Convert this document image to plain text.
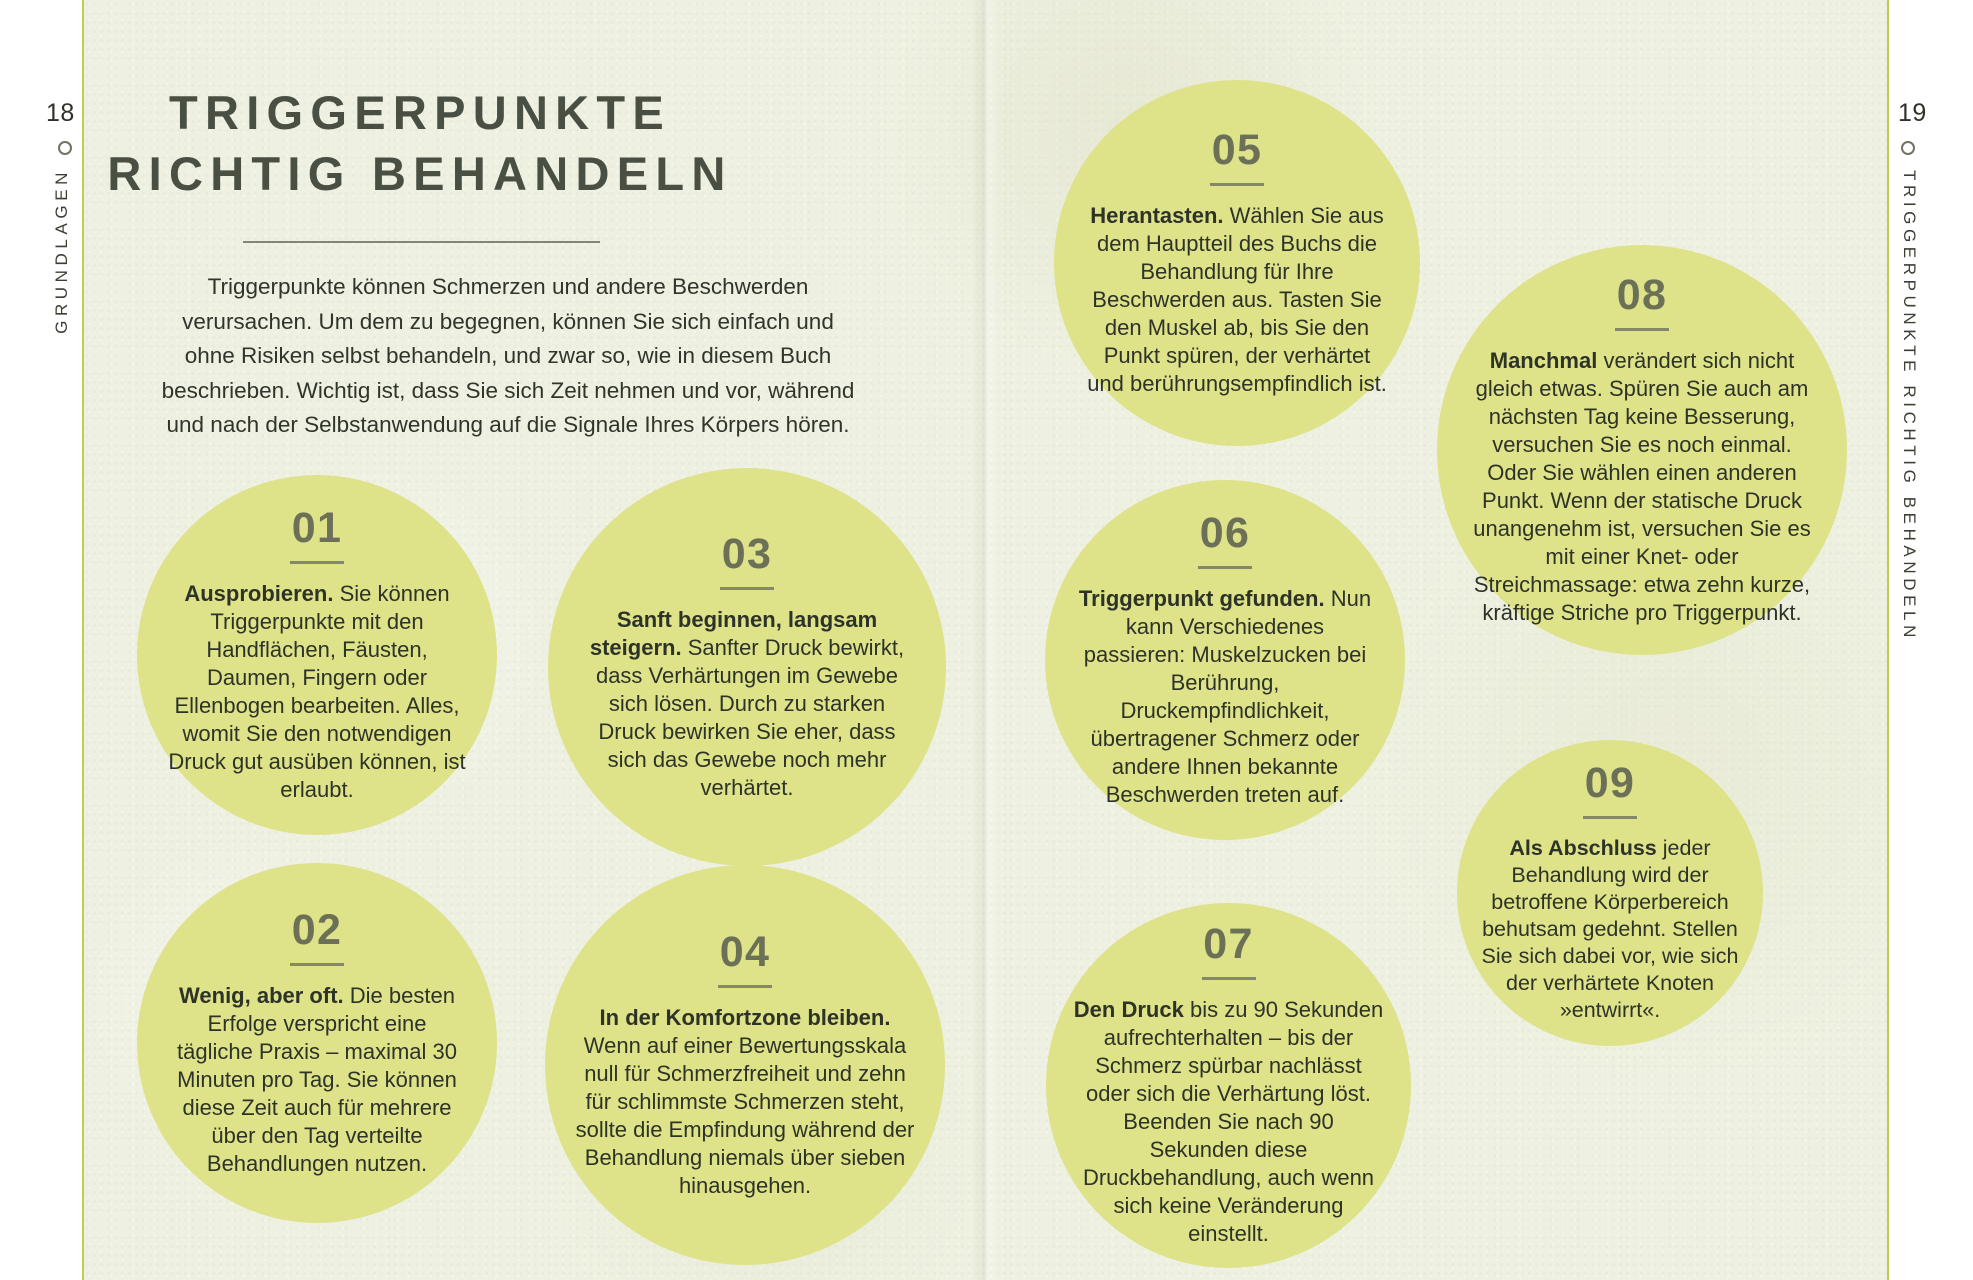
18
GRUNDLAGEN
19
TRIGGERPUNKTE RICHTIG BEHANDELN
TRIGGERPUNKTE
RICHTIG BEHANDELN

Triggerpunkte können Schmerzen und andere Beschwerden verursachen. Um dem zu begegnen, können Sie sich einfach und ohne Risiken selbst behandeln, und zwar so, wie in diesem Buch beschrieben. Wichtig ist, dass Sie sich Zeit nehmen und vor, während und nach der Selbstanwendung auf die Signale Ihres Körpers hören.

01

Ausprobieren. Sie können Triggerpunkte mit den Handflächen, Fäusten, Daumen, Fingern oder Ellenbogen bearbeiten. Alles, womit Sie den notwendigen Druck gut ausüben können, ist erlaubt.

02

Wenig, aber oft. Die besten Erfolge verspricht eine tägliche Praxis – maximal 30 Minuten pro Tag. Sie können diese Zeit auch für mehrere über den Tag verteilte Behandlungen nutzen.

03

Sanft beginnen, langsam steigern. Sanfter Druck bewirkt, dass Verhärtungen im Gewebe sich lösen. Durch zu starken Druck bewirken Sie eher, dass sich das Gewebe noch mehr verhärtet.

04

In der Komfortzone bleiben. Wenn auf einer Bewertungsskala null für Schmerzfreiheit und zehn für schlimmste Schmerzen steht, sollte die Empfindung während der Behandlung niemals über sieben hinausgehen.

05

Herantasten. Wählen Sie aus dem Hauptteil des Buchs die Behandlung für Ihre Beschwerden aus. Tasten Sie den Muskel ab, bis Sie den Punkt spüren, der verhärtet und berührungsempfindlich ist.

06

Triggerpunkt gefunden. Nun kann Verschiedenes passieren: Muskelzucken bei Berührung, Druckempfindlichkeit, übertragener Schmerz oder andere Ihnen bekannte Beschwerden treten auf.

07

Den Druck bis zu 90 Sekunden aufrechterhalten – bis der Schmerz spürbar nachlässt oder sich die Verhärtung löst. Beenden Sie nach 90 Sekunden diese Druckbehandlung, auch wenn sich keine Veränderung einstellt.

08

Manchmal verändert sich nicht gleich etwas. Spüren Sie auch am nächsten Tag keine Besserung, versuchen Sie es noch einmal. Oder Sie wählen einen anderen Punkt. Wenn der statische Druck unangenehm ist, versuchen Sie es mit einer Knet- oder Streichmassage: etwa zehn kurze, kräftige Striche pro Triggerpunkt.

09

Als Abschluss jeder Behandlung wird der betroffene Körperbereich behutsam gedehnt. Stellen Sie sich dabei vor, wie sich der verhärtete Knoten »entwirrt«.
